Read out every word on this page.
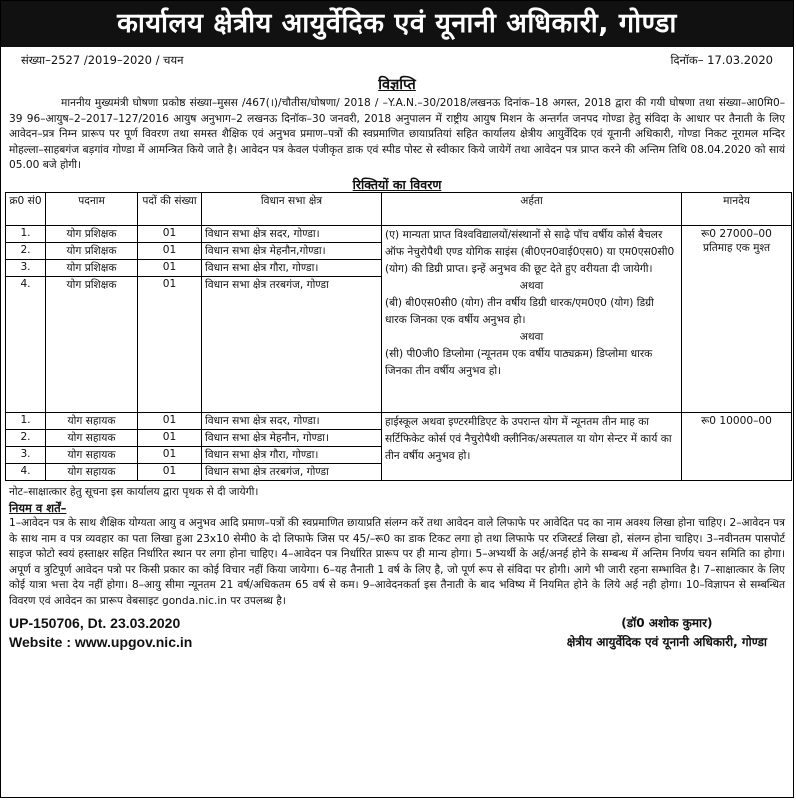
कार्यालय क्षेत्रीय आयुर्वेदिक एवं यूनानी अधिकारी, गोण्डा
संख्या–2527 /2019–2020 / चयन	दिनॉक– 17.03.2020
विज्ञप्ति
माननीय मुख्यमंत्री घोषणा प्रकोष्ठ संख्या–मुसस /467(।)/चौतीस/घोषणा/ 2018 / –Y.A.N.–30/2018/लखनऊ दिनांक–18 अगस्त, 2018 द्वारा की गयी घोषणा तथा संख्या–आ0मि0–39 96–आयुष–2–2017–127/2016 आयुष अनुभाग–2 लखनऊ दिनॉक–30 जनवरी, 2018 अनुपालन में राष्ट्रीय आयुष मिशन के अन्तर्गत जनपद गोण्डा हेतु संविदा के आधार पर तैनाती के लिए आवेदन–प्रत्र निम्न प्रारूप पर पूर्ण विवरण तथा समस्त शैक्षिक एवं अनुभव प्रमाण–पत्रों की स्वप्रमाणित छायाप्रतियां सहित कार्यालय क्षेत्रीय आयुर्वेदिक एवं यूनानी अधिकारी, गोण्डा निकट नूरामल मन्दिर मोहल्ला–साहबगंज बड़गांव गोण्डा में आमन्त्रित किये जाते है। आवेदन पत्र केवल पंजीकृत डाक एवं स्पीड पोस्ट से स्वीकार किये जायेगें तथा आवेदन पत्र प्राप्त करने की अन्तिम तिथि 08.04.2020 को सायं 05.00 बजे होगी।
रिक्तियों का विवरण
क्र0 सं0	पदनाम	पदों की संख्या	विधान सभा क्षेत्र	अर्हता	मानदेय
1.	योग प्रशिक्षक	01	विधान सभा क्षेत्र सदर, गोण्डा।	(ए) मान्यता प्राप्त विश्वविद्यालयों/संस्थानों से साढ़े पॉच वर्षीय कोर्स बैचलर ऑफ नेचुरोपैथी एण्ड योगिक साइंस (बी0एन0वाई0एस0) या एम0एस0सी0 (योग) की डिग्री प्राप्त। इन्हें अनुभव की छूट देते हुए वरीयता दी जायेगी।
अथवा
(बी) बी0एस0सी0 (योग) तीन वर्षीय डिग्री धारक/एम0ए0 (योग) डिग्री धारक जिनका एक वर्षीय अनुभव हो।
अथवा
(सी) पी0जी0 डिप्लोमा (न्यूनतम एक वर्षीय पाठ्यक्रम) डिप्लोमा धारक जिनका तीन वर्षीय अनुभव हो।	रू0 27000–00 प्रतिमाह एक मुश्त
2.	योग प्रशिक्षक	01	विधान सभा क्षेत्र मेहनौन,गोण्डा।		
3.	योग प्रशिक्षक	01	विधान सभा क्षेत्र गौरा, गोण्डा।		
4.	योग प्रशिक्षक	01	विधान सभा क्षेत्र तरबगंज, गोण्डा		
1.	योग सहायक	01	विधान सभा क्षेत्र सदर, गोण्डा।	हाईस्कूल अथवा इण्टरमीडिएट के उपरान्त योग में न्यूनतम तीन माह का सर्टिफिकेट कोर्स एवं नैचुरोपैथी क्लीनिक/अस्पताल या योग सेन्टर में कार्य का तीन वर्षीय अनुभव हो।	रू0 10000–00
2.	योग सहायक	01	विधान सभा क्षेत्र मेहनौन, गोण्डा।		
3.	योग सहायक	01	विधान सभा क्षेत्र गौरा, गोण्डा।		
4.	योग सहायक	01	विधान सभा क्षेत्र तरबगंज, गोण्डा		
नोट–साक्षात्कार हेतु सूचना इस कार्यालय द्वारा पृथक से दी जायेगी।
नियम व शर्तें–
1–आवेदन पत्र के साथ शैक्षिक योग्यता आयु व अनुभव आदि प्रमाण–पत्रों की स्वप्रमाणित छायाप्रति संलग्न करें तथा आवेदन वाले लिफाफे पर आवेदित पद का नाम अवश्य लिखा होना चाहिए। 2–आवेदन पत्र के साथ नाम व पत्र व्यवहार का पता लिखा हुआ 23x10 सेमी0 के दो लिफाफे जिस पर 45/–रू0 का डाक टिकट लगा हो तथा लिफाफे पर रजिस्टर्ड लिखा हो, संलग्न होना चाहिए। 3–नवीनतम पासपोर्ट साइज फोटो स्वयं हस्ताक्षर सहित निर्धारित स्थान पर लगा होना चाहिए। 4–आवेदन पत्र निर्धारित प्रारूप पर ही मान्य होगा। 5–अभ्यर्थी के अर्ह/अनर्ह होने के सम्बन्ध में अन्तिम निर्णय चयन समिति का होगा। अपूर्ण व त्रुटिपूर्ण आवेदन पत्रो पर किसी प्रकार का कोई विचार नहीं किया जायेगा। 6–यह तैनाती 1 वर्ष के लिए है, जो पूर्ण रूप से संविदा पर होगी। आगे भी जारी रहना सम्भावित है। 7–साक्षात्कार के लिए कोई यात्रा भत्ता देय नहीं होगा। 8–आयु सीमा न्यूनतम 21 वर्ष/अधिकतम 65 वर्ष से कम। 9–आवेदनकर्ता इस तैनाती के बाद भविष्य में नियमित होने के लिये अर्ह नही होगा। 10–विज्ञापन से सम्बन्धित विवरण एवं आवेदन का प्रारूप वेबसाइट gonda.nic.in पर उपलब्ध है।
UP-150706, Dt. 23.03.2020
Website : www.upgov.nic.in
(डॉ0 अशोक कुमार)
क्षेत्रीय आयुर्वेदिक एवं यूनानी अधिकारी, गोण्डा
